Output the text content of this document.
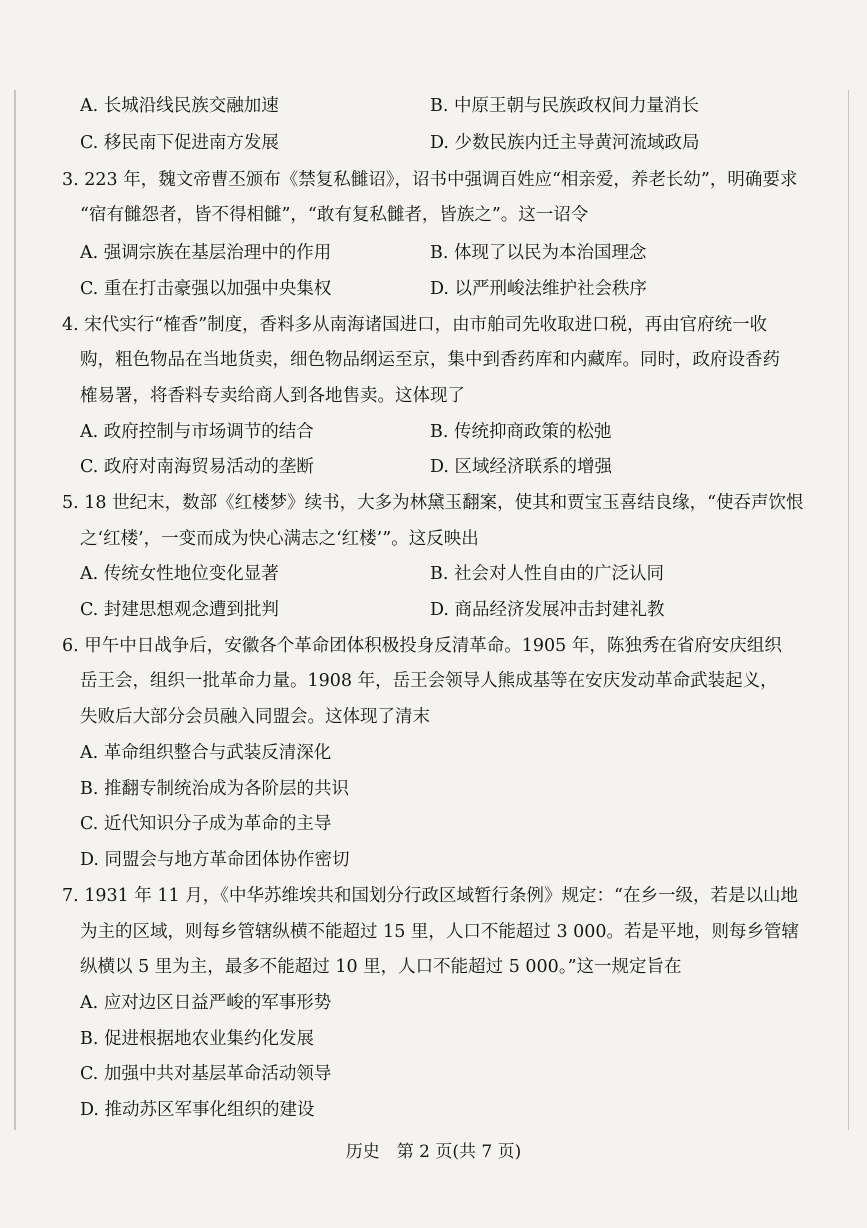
A. 长城沿线民族交融加速	B. 中原王朝与民族政权间力量消长
C. 移民南下促进南方发展	D. 少数民族内迁主导黄河流域政局
3. 223 年，魏文帝曹丕颁布《禁复私雠诏》，诏书中强调百姓应“相亲爱，养老长幼”，明确要求
“宿有雠怨者，皆不得相雠”，“敢有复私雠者，皆族之”。这一诏令
A. 强调宗族在基层治理中的作用	B. 体现了以民为本治国理念
C. 重在打击豪强以加强中央集权	D. 以严刑峻法维护社会秩序
4. 宋代实行“榷香”制度，香料多从南海诸国进口，由市舶司先收取进口税，再由官府统一收
购，粗色物品在当地货卖，细色物品纲运至京，集中到香药库和内藏库。同时，政府设香药
榷易署，将香料专卖给商人到各地售卖。这体现了
A. 政府控制与市场调节的结合	B. 传统抑商政策的松弛
C. 政府对南海贸易活动的垄断	D. 区域经济联系的增强
5. 18 世纪末，数部《红楼梦》续书，大多为林黛玉翻案，使其和贾宝玉喜结良缘，“使吞声饮恨
之‘红楼’，一变而成为快心满志之‘红楼’”。这反映出
A. 传统女性地位变化显著	B. 社会对人性自由的广泛认同
C. 封建思想观念遭到批判	D. 商品经济发展冲击封建礼教
6. 甲午中日战争后，安徽各个革命团体积极投身反清革命。1905 年，陈独秀在省府安庆组织
岳王会，组织一批革命力量。1908 年，岳王会领导人熊成基等在安庆发动革命武装起义，
失败后大部分会员融入同盟会。这体现了清末
A. 革命组织整合与武装反清深化
B. 推翻专制统治成为各阶层的共识
C. 近代知识分子成为革命的主导
D. 同盟会与地方革命团体协作密切
7. 1931 年 11 月，《中华苏维埃共和国划分行政区域暂行条例》规定：“在乡一级，若是以山地
为主的区域，则每乡管辖纵横不能超过 15 里，人口不能超过 3 000。若是平地，则每乡管辖
纵横以 5 里为主，最多不能超过 10 里，人口不能超过 5 000。”这一规定旨在
A. 应对边区日益严峻的军事形势
B. 促进根据地农业集约化发展
C. 加强中共对基层革命活动领导
D. 推动苏区军事化组织的建设
历史　第 2 页(共 7 页)
